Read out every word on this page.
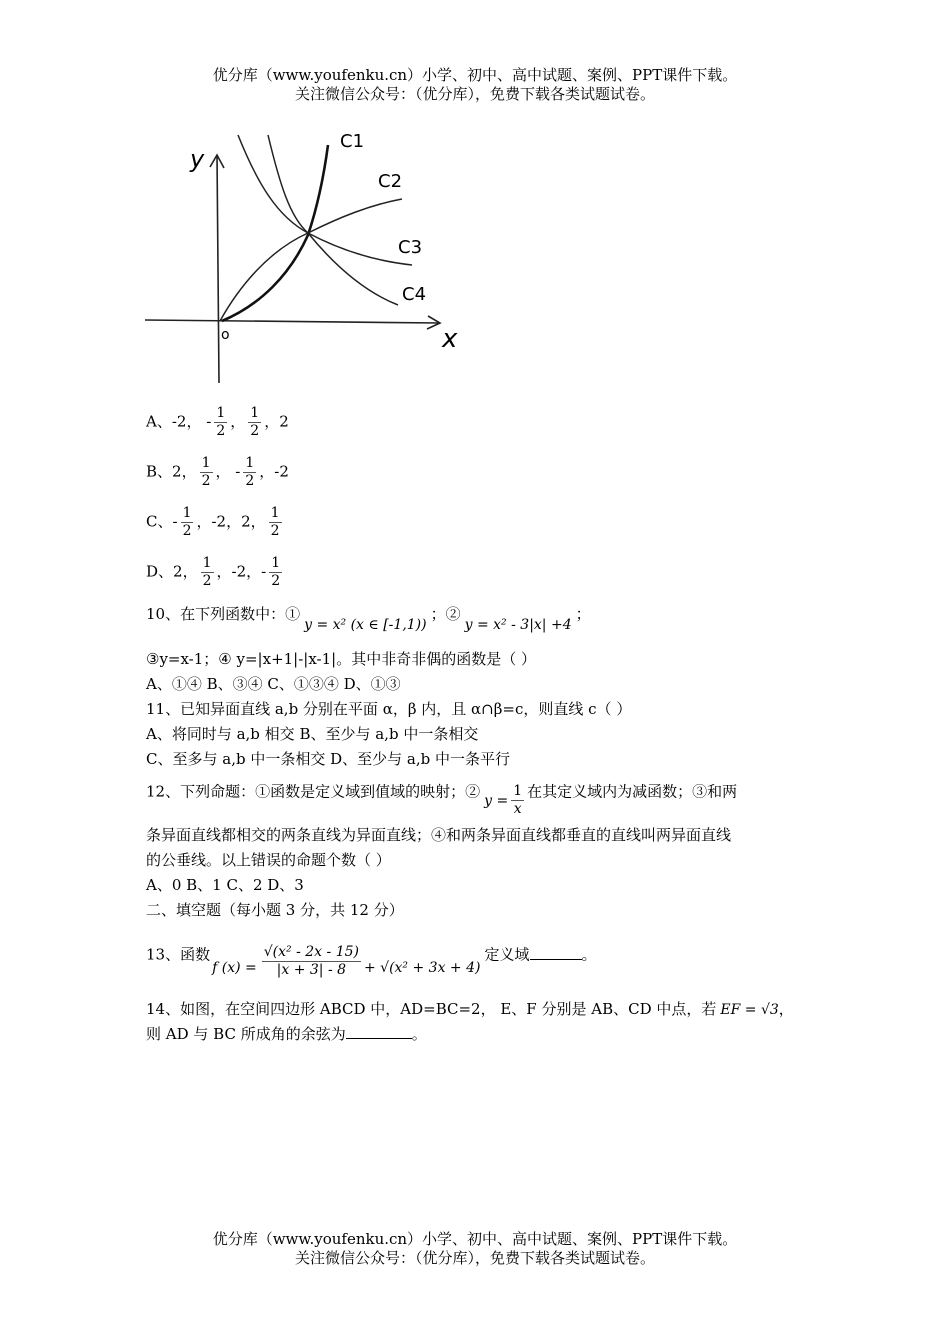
优分库（www.youfenku.cn）小学、初中、高中试题、案例、PPT课件下载。
关注微信公众号：（优分库），免费下载各类试题试卷。
y
x
o
C1
C2
C3
C4
A、-2， - $\frac{1}{2}$ ， $\frac{1}{2}$ ，2
B、2， $\frac{1}{2}$ ， - $\frac{1}{2}$ ，-2
C、- $\frac{1}{2}$ ，-2，2， $\frac{1}{2}$
D、2， $\frac{1}{2}$ ，-2，- $\frac{1}{2}$
10、在下列函数中：①y = x² (x ∈ [-1,1))；②y = x² - 3|x| +4；
③y=x-1；④ y=|x+1|-|x-1|。其中非奇非偶的函数是（ ）
A、①④ B、③④ C、①③④ D、①③
11、已知异面直线 a,b 分别在平面 α，β 内，且 α∩β=c，则直线 c（ ）
A、将同时与 a,b 相交 B、至少与 a,b 中一条相交
C、至多与 a,b 中一条相交 D、至少与 a,b 中一条平行
12、下列命题：①函数是定义域到值域的映射；② $y = \frac{1}{x}$ 在其定义域内为减函数；③和两
条异面直线都相交的两条直线为异面直线；④和两条异面直线都垂直的直线叫两异面直线
的公垂线。以上错误的命题个数（ ）
A、0 B、1 C、2 D、3
二、填空题（每小题 3 分，共 12 分）
13、函数f $(x) = \frac{\text{√(x² - 2x - 15)}}{|x + 3| - 8} + √(x^2 + 3x + 4)$定义域	。
14、如图，在空间四边形 ABCD 中，AD=BC=2， E、F 分别是 AB、CD 中点，若 EF = √3，
则 AD 与 BC 所成角的余弦为	。
优分库（www.youfenku.cn）小学、初中、高中试题、案例、PPT课件下载。
关注微信公众号：（优分库），免费下载各类试题试卷。
